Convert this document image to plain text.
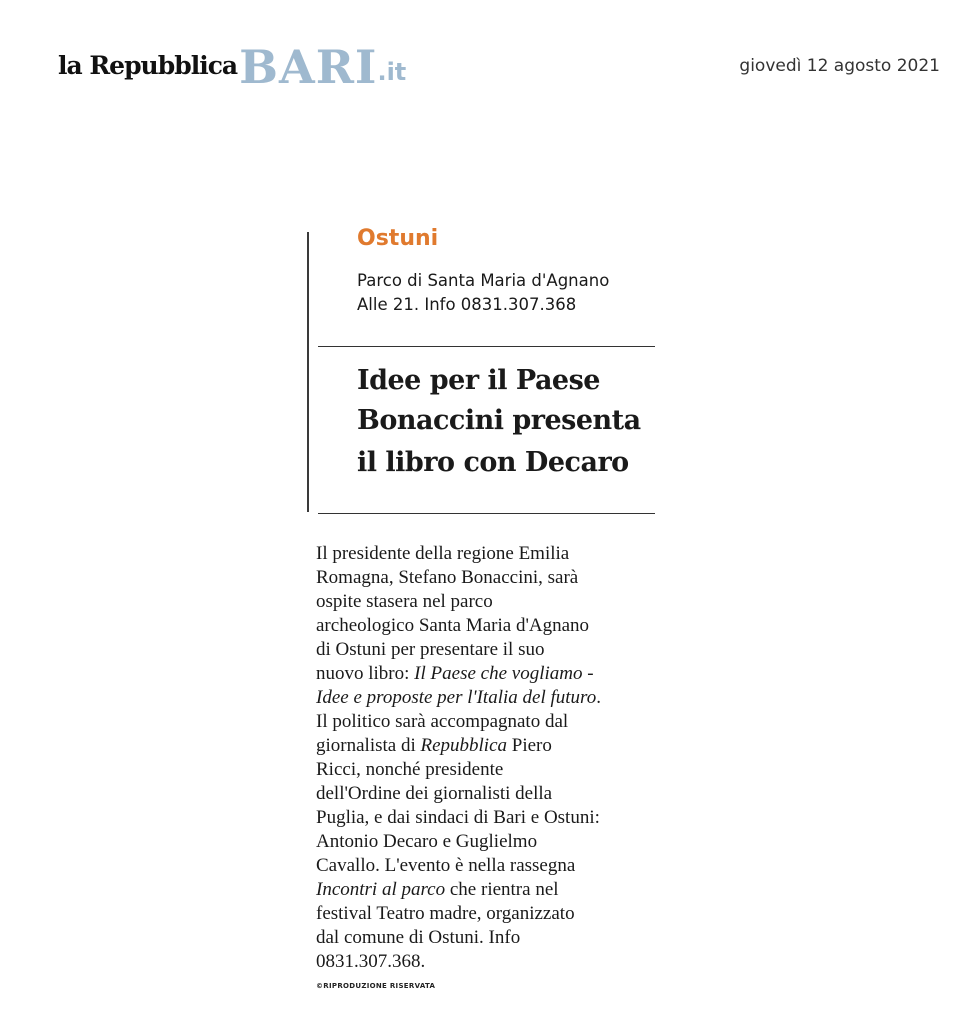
la Repubblica BARI .it	giovedì 12 agosto 2021
Ostuni
Parco di Santa Maria d'Agnano
Alle 21. Info 0831.307.368
Idee per il Paese
Bonaccini presenta
il libro con Decaro
Il presidente della regione Emilia
Romagna, Stefano Bonaccini, sarà
ospite stasera nel parco
archeologico Santa Maria d'Agnano
di Ostuni per presentare il suo
nuovo libro: Il Paese che vogliamo -
Idee e proposte per l'Italia del futuro.
Il politico sarà accompagnato dal
giornalista di Repubblica Piero
Ricci, nonché presidente
dell'Ordine dei giornalisti della
Puglia, e dai sindaci di Bari e Ostuni:
Antonio Decaro e Guglielmo
Cavallo. L'evento è nella rassegna
Incontri al parco che rientra nel
festival Teatro madre, organizzato
dal comune di Ostuni. Info
0831.307.368.
©RIPRODUZIONE RISERVATA
